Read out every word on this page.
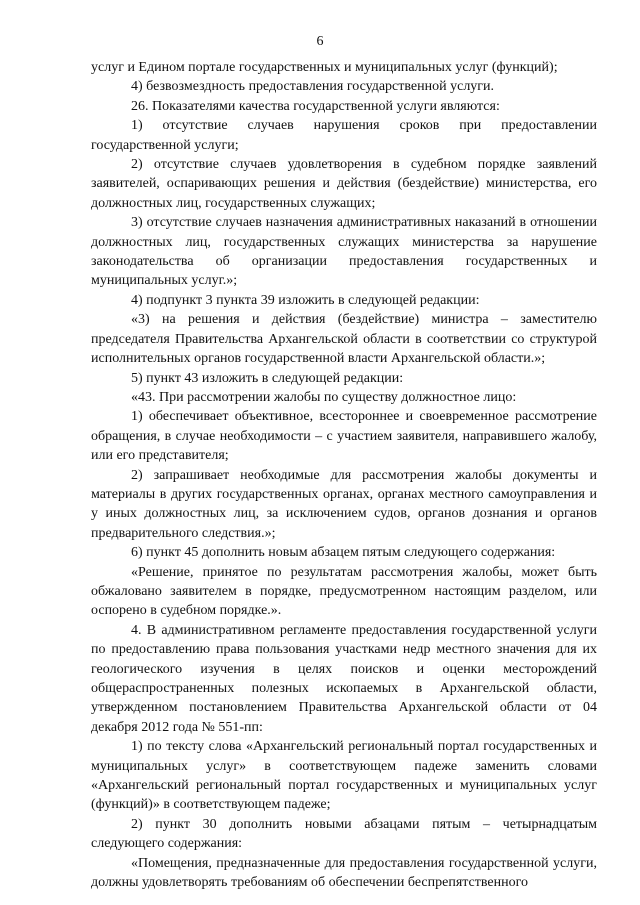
6

услуг и Едином портале государственных и муниципальных услуг (функций);

4) безвозмездность предоставления государственной услуги.

26. Показателями качества государственной услуги являются:

1) отсутствие случаев нарушения сроков при предоставлении государственной услуги;

2) отсутствие случаев удовлетворения в судебном порядке заявлений заявителей, оспаривающих решения и действия (бездействие) министерства, его должностных лиц, государственных служащих;

3) отсутствие случаев назначения административных наказаний в отношении должностных лиц, государственных служащих министерства за нарушение законодательства об организации предоставления государственных и муниципальных услуг.»;

4) подпункт 3 пункта 39 изложить в следующей редакции:

«3) на решения и действия (бездействие) министра – заместителю председателя Правительства Архангельской области в соответствии со структурой исполнительных органов государственной власти Архангельской области.»;

5) пункт 43 изложить в следующей редакции:

«43. При рассмотрении жалобы по существу должностное лицо:

1) обеспечивает объективное, всестороннее и своевременное рассмотрение обращения, в случае необходимости – с участием заявителя, направившего жалобу, или его представителя;

2) запрашивает необходимые для рассмотрения жалобы документы и материалы в других государственных органах, органах местного самоуправления и у иных должностных лиц, за исключением судов, органов дознания и органов предварительного следствия.»;

6) пункт 45 дополнить новым абзацем пятым следующего содержания:

«Решение, принятое по результатам рассмотрения жалобы, может быть обжаловано заявителем в порядке, предусмотренном настоящим разделом, или оспорено в судебном порядке.».

4. В административном регламенте предоставления государственной услуги по предоставлению права пользования участками недр местного значения для их геологического изучения в целях поисков и оценки месторождений общераспространенных полезных ископаемых в Архангельской области, утвержденном постановлением Правительства Архангельской области от 04 декабря 2012 года № 551-пп:

1) по тексту слова «Архангельский региональный портал государственных и муниципальных услуг» в соответствующем падеже заменить словами «Архангельский региональный портал государственных и муниципальных услуг (функций)» в соответствующем падеже;

2) пункт 30 дополнить новыми абзацами пятым – четырнадцатым следующего содержания:

«Помещения, предназначенные для предоставления государственной услуги, должны удовлетворять требованиям об обеспечении беспрепятственного
